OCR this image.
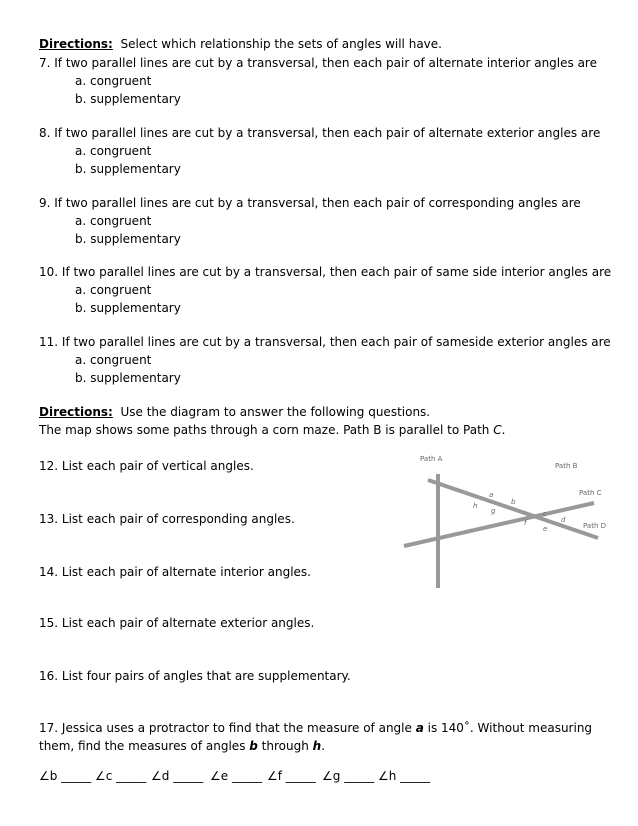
Directions: Select which relationship the sets of angles will have.
7. If two parallel lines are cut by a transversal, then each pair of alternate interior angles are
a. congruent
b. supplementary
8. If two parallel lines are cut by a transversal, then each pair of alternate exterior angles are
a. congruent
b. supplementary
9. If two parallel lines are cut by a transversal, then each pair of corresponding angles are
a. congruent
b. supplementary
10. If two parallel lines are cut by a transversal, then each pair of same side interior angles are
a. congruent
b. supplementary
11. If two parallel lines are cut by a transversal, then each pair of sameside exterior angles are
a. congruent
b. supplementary
Directions: Use the diagram to answer the following questions.
The map shows some paths through a corn maze. Path B is parallel to Path C.
12. List each pair of vertical angles.
13. List each pair of corresponding angles.
14. List each pair of alternate interior angles.
15. List each pair of alternate exterior angles.
16. List four pairs of angles that are supplementary.
17. Jessica uses a protractor to find that the measure of angle a is 140˚. Without measuring
them, find the measures of angles b through h.
∠b _____ ∠c _____ ∠d _____ ∠e _____ ∠f _____ ∠g _____ ∠h _____
Path A
Path B
Path C
Path D
a
b
h
g	c
d
f
e
